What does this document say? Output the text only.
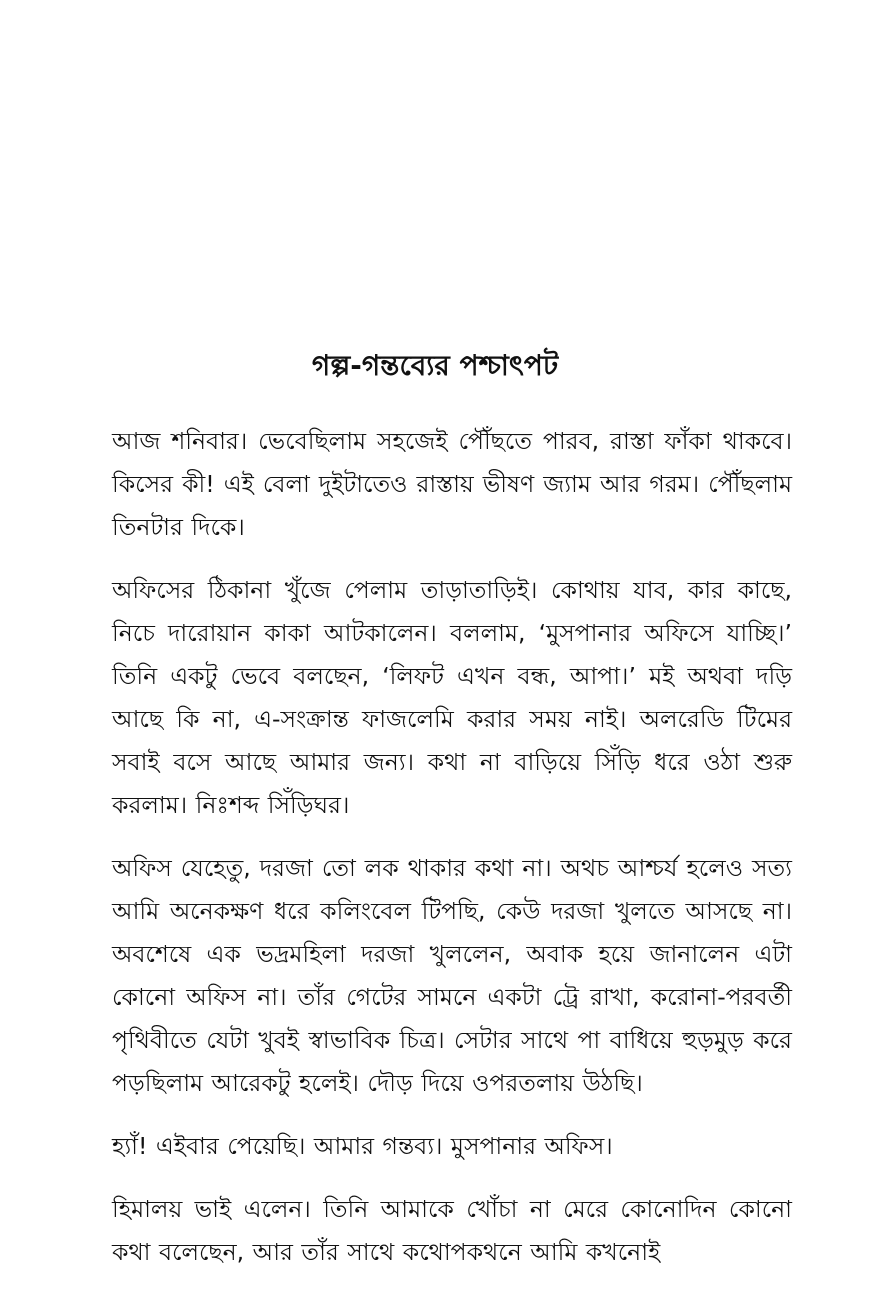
গল্প-গন্তব্যের পশ্চাৎপট

আজ শনিবার। ভেবেছিলাম সহজেই পৌঁছতে পারব, রাস্তা ফাঁকা থাকবে। কিসের কী! এই বেলা দুইটাতেও রাস্তায় ভীষণ জ্যাম আর গরম। পৌঁছলাম তিনটার দিকে।

অফিসের ঠিকানা খুঁজে পেলাম তাড়াতাড়িই। কোথায় যাব, কার কাছে, নিচে দারোয়ান কাকা আটকালেন। বললাম, ‘মুসপানার অফিসে যাচ্ছি।’ তিনি একটু ভেবে বলছেন, ‘লিফট এখন বন্ধ, আপা।’ মই অথবা দড়ি আছে কি না, এ-সংক্রান্ত ফাজলেমি করার সময় নাই। অলরেডি টিমের সবাই বসে আছে আমার জন্য। কথা না বাড়িয়ে সিঁড়ি ধরে ওঠা শুরু করলাম। নিঃশব্দ সিঁড়িঘর।

অফিস যেহেতু, দরজা তো লক থাকার কথা না। অথচ আশ্চর্য হলেও সত্য আমি অনেকক্ষণ ধরে কলিংবেল টিপছি, কেউ দরজা খুলতে আসছে না। অবশেষে এক ভদ্রমহিলা দরজা খুললেন, অবাক হয়ে জানালেন এটা কোনো অফিস না। তাঁর গেটের সামনে একটা ট্রে রাখা, করোনা-পরবর্তী পৃথিবীতে যেটা খুবই স্বাভাবিক চিত্র। সেটার সাথে পা বাধিয়ে হুড়মুড় করে পড়ছিলাম আরেকটু হলেই। দৌড় দিয়ে ওপরতলায় উঠছি।

হ্যাঁ! এইবার পেয়েছি। আমার গন্তব্য। মুসপানার অফিস।

হিমালয় ভাই এলেন। তিনি আমাকে খোঁচা না মেরে কোনোদিন কোনো কথা বলেছেন, আর তাঁর সাথে কথোপকথনে আমি কখনোই
